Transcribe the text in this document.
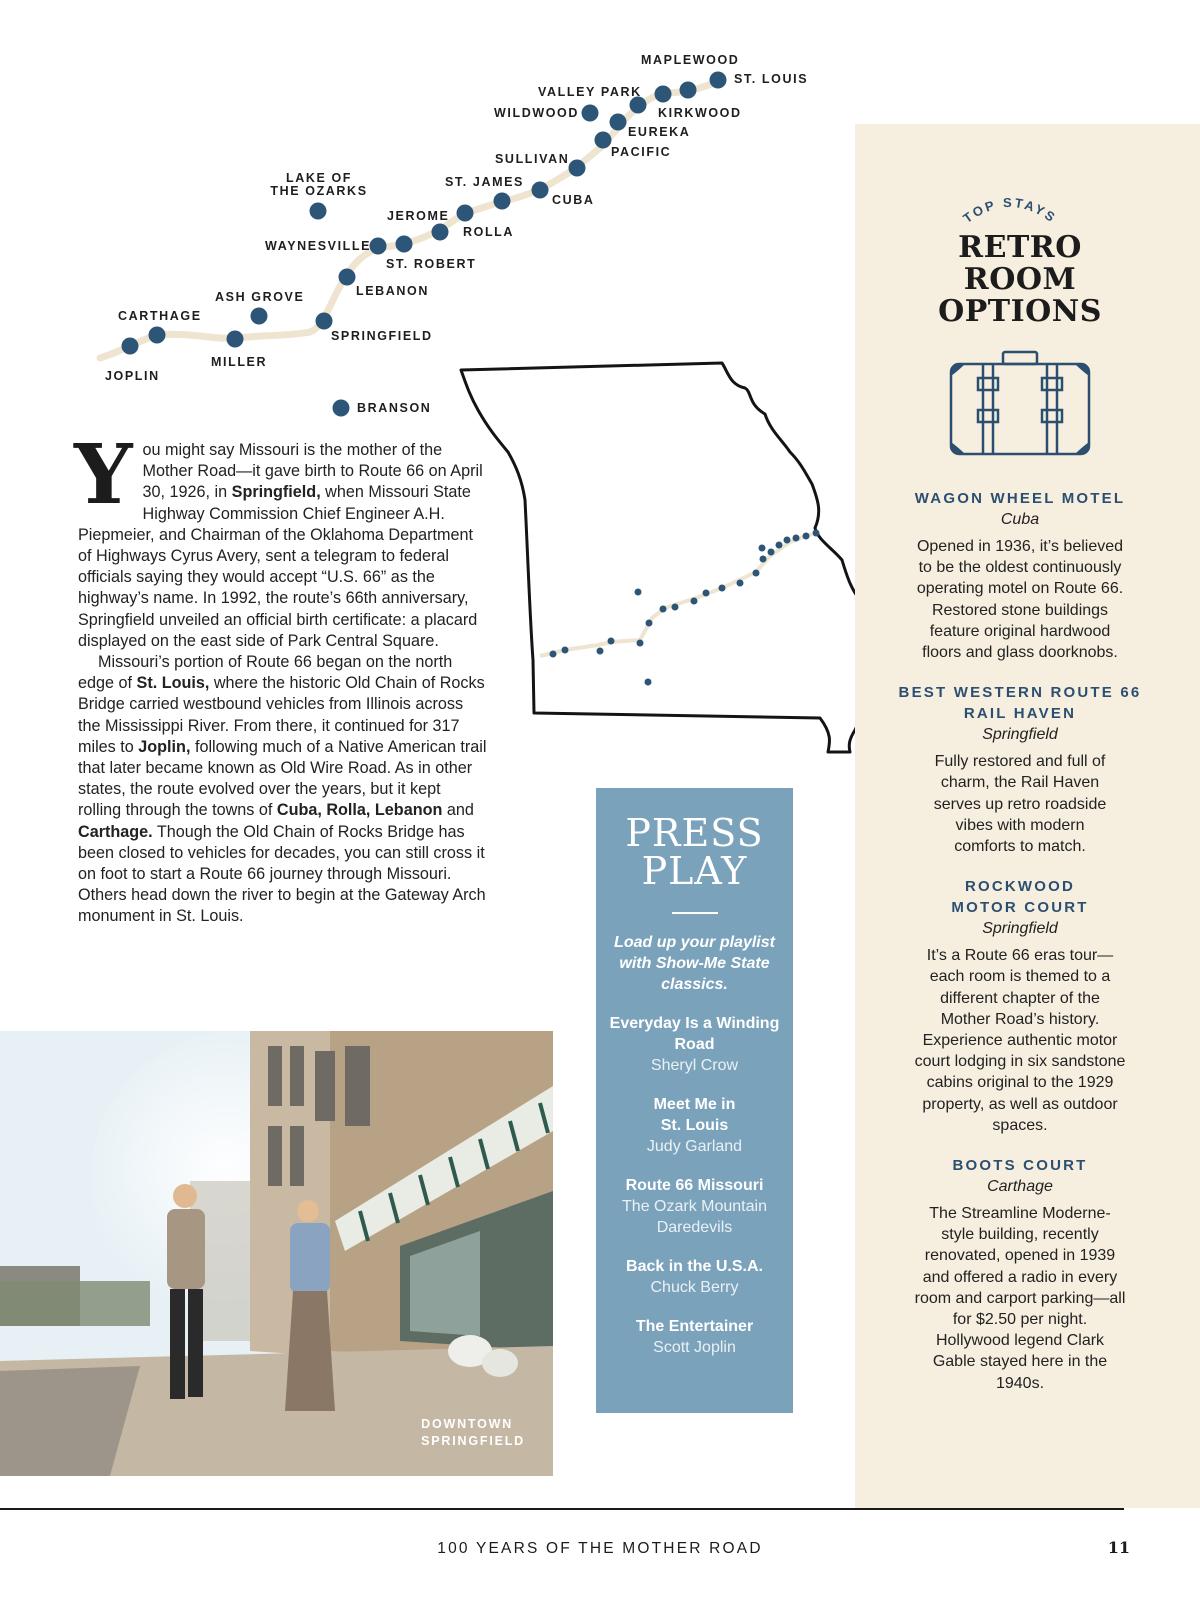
MAPLEWOOD
ST. LOUIS
VALLEY PARK
KIRKWOOD
WILDWOOD
EUREKA
PACIFIC
SULLIVAN
LAKE OF
THE OZARKS
ST. JAMES
CUBA
JEROME
ROLLA
WAYNESVILLE
ST. ROBERT
LEBANON
ASH GROVE
CARTHAGE
SPRINGFIELD
JOPLIN
MILLER
BRANSON

You might say Missouri is the mother of the Mother Road—it gave birth to Route 66 on April 30, 1926, in Springfield, when Missouri State Highway Commission Chief Engineer A.H. Piepmeier, and Chairman of the Oklahoma Department of Highways Cyrus Avery, sent a telegram to federal officials saying they would accept “U.S. 66” as the highway’s name. In 1992, the route’s 66th anniversary, Springfield unveiled an official birth certificate: a placard displayed on the east side of Park Central Square.

Missouri’s portion of Route 66 began on the north edge of St. Louis, where the historic Old Chain of Rocks Bridge carried westbound vehicles from Illinois across the Mississippi River. From there, it continued for 317 miles to Joplin, following much of a Native American trail that later became known as Old Wire Road. As in other states, the route evolved over the years, but it kept rolling through the towns of Cuba, Rolla, Lebanon and Carthage. Though the Old Chain of Rocks Bridge has been closed to vehicles for decades, you can still cross it on foot to start a Route 66 journey through Missouri. Others head down the river to begin at the Gateway Arch monument in St. Louis.

DOWNTOWN
SPRINGFIELD
PRESS
PLAY
Load up your playlist with Show-Me State classics.
Everyday Is a Winding Road
Sheryl Crow
Meet Me in St. Louis
Judy Garland
Route 66 Missouri
The Ozark Mountain Daredevils
Back in the U.S.A.
Chuck Berry
The Entertainer
Scott Joplin
TOP STAYS
RETRO
ROOM
OPTIONS
WAGON WHEEL MOTEL
Cuba
Opened in 1936, it’s believed to be the oldest continuously operating motel on Route 66. Restored stone buildings feature original hardwood floors and glass doorknobs.
BEST WESTERN ROUTE 66 RAIL HAVEN
Springfield
Fully restored and full of charm, the Rail Haven serves up retro roadside vibes with modern comforts to match.
ROCKWOOD MOTOR COURT
Springfield
It’s a Route 66 eras tour—each room is themed to a different chapter of the Mother Road’s history. Experience authentic motor court lodging in six sandstone cabins original to the 1929 property, as well as outdoor spaces.
BOOTS COURT
Carthage
The Streamline Moderne-style building, recently renovated, opened in 1939 and offered a radio in every room and carport parking—all for $2.50 per night. Hollywood legend Clark Gable stayed here in the 1940s.
100 YEARS OF THE MOTHER ROAD	11
